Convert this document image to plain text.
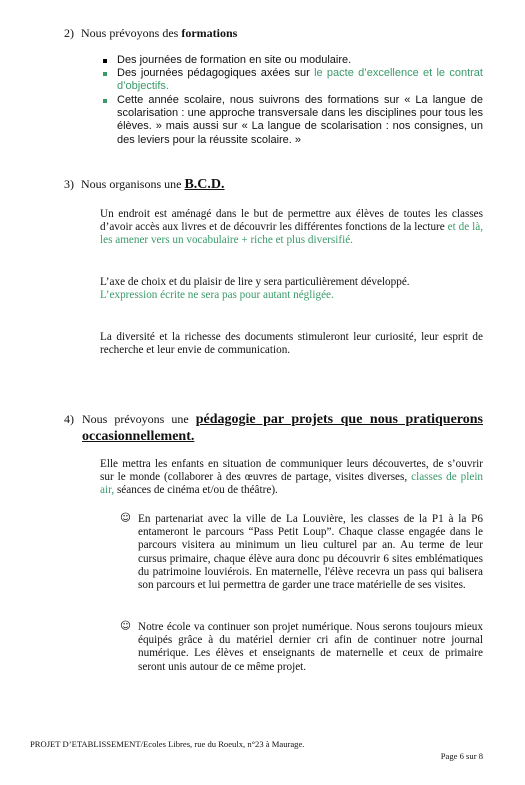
2) Nous prévoyons des formations
Des journées de formation en site ou modulaire.
Des journées pédagogiques axées sur le pacte d’excellence et le contrat d’objectifs.
Cette année scolaire, nous suivrons des formations sur « La langue de scolarisation : une approche transversale dans les disciplines pour tous les élèves. » mais aussi sur « La langue de scolarisation : nos consignes, un des leviers pour la réussite scolaire. »
3) Nous organisons une B.C.D.
Un endroit est aménagé dans le but de permettre aux élèves de toutes les classes d’avoir accès aux livres et de découvrir les différentes fonctions de la lecture et de là, les amener vers un vocabulaire + riche et plus diversifié.
L’axe de choix et du plaisir de lire y sera particulièrement développé.
L’expression écrite ne sera pas pour autant négligée.
La diversité et la richesse des documents stimuleront leur curiosité, leur esprit de recherche et leur envie de communication.
4) Nous prévoyons une pédagogie par projets que nous pratiquerons occasionnellement.
Elle mettra les enfants en situation de communiquer leurs découvertes, de s’ouvrir sur le monde (collaborer à des œuvres de partage, visites diverses, classes de plein air, séances de cinéma et/ou de théâtre).
☺ En partenariat avec la ville de La Louvière, les classes de la P1 à la P6 entameront le parcours “Pass Petit Loup”. Chaque classe engagée dans le parcours visitera au minimum un lieu culturel par an. Au terme de leur cursus primaire, chaque élève aura donc pu découvrir 6 sites emblématiques du patrimoine louviérois. En maternelle, l'élève recevra un pass qui balisera son parcours et lui permettra de garder une trace matérielle de ses visites.
☺ Notre école va continuer son projet numérique. Nous serons toujours mieux équipés grâce à du matériel dernier cri afin de continuer notre journal numérique. Les élèves et enseignants de maternelle et ceux de primaire seront unis autour de ce même projet.
PROJET D’ETABLISSEMENT/Ecoles Libres, rue du Roeulx, n°23 à Maurage.
Page 6 sur 8
